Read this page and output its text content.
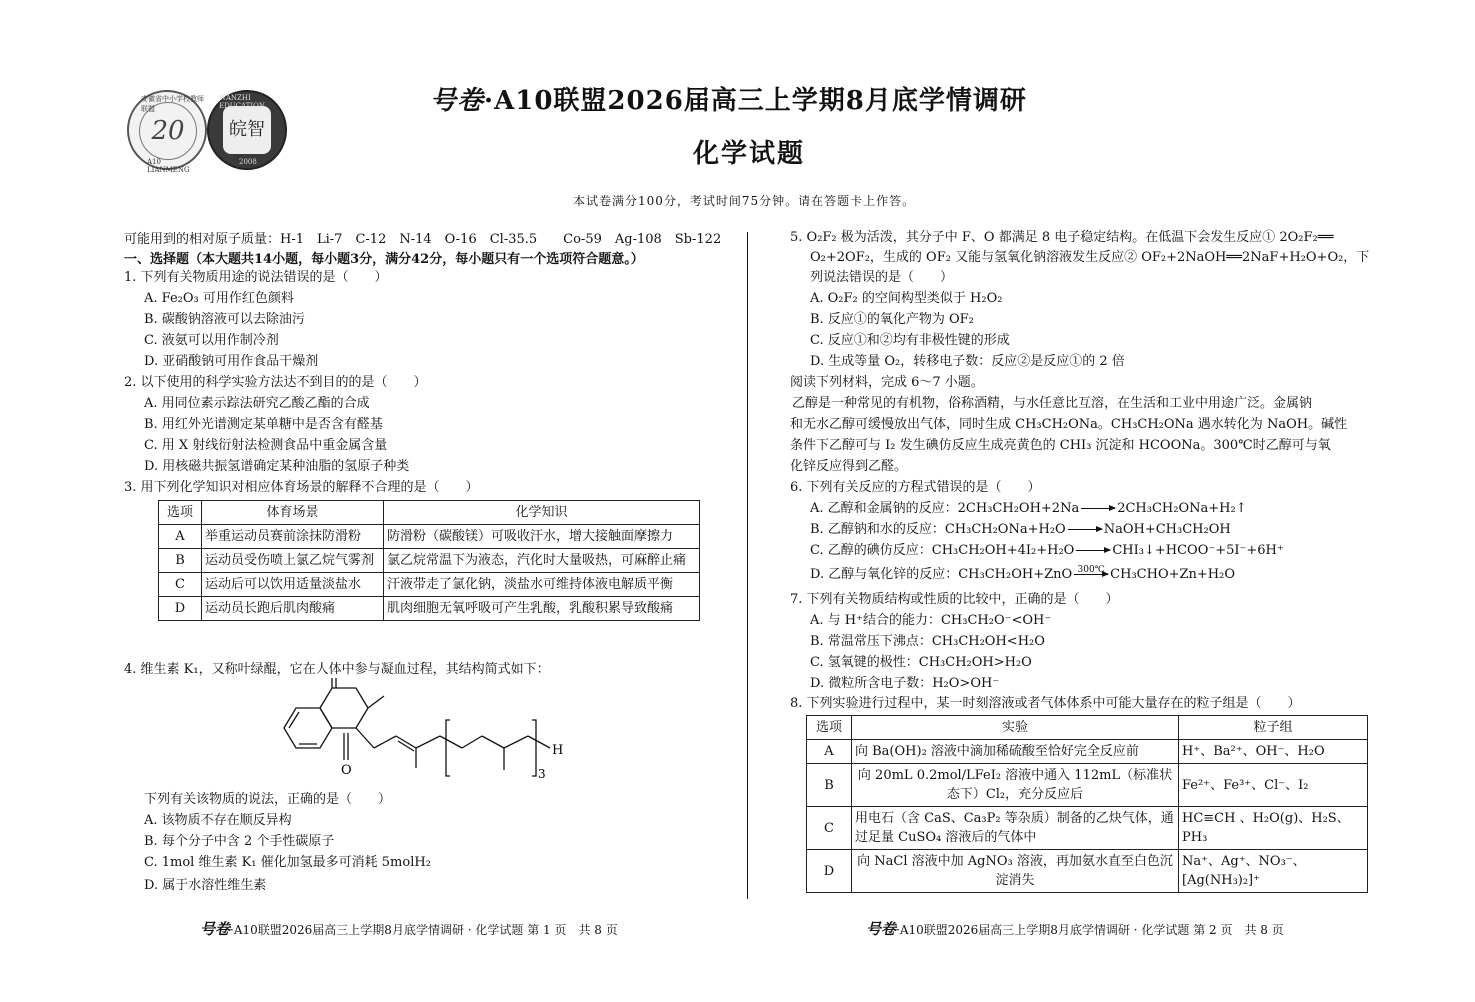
20
安徽省中小学校教师联盟
A10 LIANMENG
皖智
WANZHI EDUCATION
2008
号卷·A10联盟2026届高三上学期8月底学情调研
化学试题
本试卷满分100分，考试时间75分钟。请在答题卡上作答。
可能用到的相对原子质量：H-1　Li-7　C-12　N-14　O-16　Cl-35.5　　Co-59　Ag-108　Sb-122
一、选择题（本大题共14小题，每小题3分，满分42分，每小题只有一个选项符合题意。）
1. 下列有关物质用途的说法错误的是（　　）
A. Fe₂O₃ 可用作红色颜料
B. 碳酸钠溶液可以去除油污
C. 液氨可以用作制冷剂
D. 亚硝酸钠可用作食品干燥剂
2. 以下使用的科学实验方法达不到目的的是（　　）
A. 用同位素示踪法研究乙酸乙酯的合成
B. 用红外光谱测定某单糖中是否含有醛基
C. 用 X 射线衍射法检测食品中重金属含量
D. 用核磁共振氢谱确定某种油脂的氢原子种类
3. 用下列化学知识对相应体育场景的解释不合理的是（　　）
选项	体育场景	化学知识
A	举重运动员赛前涂抹防滑粉	防滑粉（碳酸镁）可吸收汗水，增大接触面摩擦力
B	运动员受伤喷上氯乙烷气雾剂	氯乙烷常温下为液态，汽化时大量吸热，可麻醉止痛
C	运动后可以饮用适量淡盐水	汗液带走了氯化钠，淡盐水可维持体液电解质平衡
D	运动员长跑后肌肉酸痛	肌肉细胞无氧呼吸可产生乳酸，乳酸积累导致酸痛
4. 维生素 K₁，又称叶绿醌，它在人体中参与凝血过程，其结构简式如下：
O	3
H
下列有关该物质的说法，正确的是（　　）
A. 该物质不存在顺反异构
B. 每个分子中含 2 个手性碳原子
C. 1mol 维生素 K₁ 催化加氢最多可消耗 5molH₂
D. 属于水溶性维生素
5. O₂F₂ 极为活泼，其分子中 F、O 都满足 8 电子稳定结构。在低温下会发生反应① 2O₂F₂══
O₂+2OF₂，生成的 OF₂ 又能与氢氧化钠溶液发生反应② OF₂+2NaOH══2NaF+H₂O+O₂，下
列说法错误的是（　　）
A. O₂F₂ 的空间构型类似于 H₂O₂
B. 反应①的氧化产物为 OF₂
C. 反应①和②均有非极性键的形成
D. 生成等量 O₂，转移电子数：反应②是反应①的 2 倍
阅读下列材料，完成 6～7 小题。
乙醇是一种常见的有机物，俗称酒精，与水任意比互溶，在生活和工业中用途广泛。金属钠
和无水乙醇可缓慢放出气体，同时生成 CH₃CH₂ONa。CH₃CH₂ONa 遇水转化为 NaOH。碱性
条件下乙醇可与 I₂ 发生碘仿反应生成亮黄色的 CHI₃ 沉淀和 HCOONa。300℃时乙醇可与氧
化锌反应得到乙醛。
6. 下列有关反应的方程式错误的是（　　）
A. 乙醇和金属钠的反应：2CH₃CH₂OH+2Na → 2CH₃CH₂ONa+H₂↑
B. 乙醇钠和水的反应：CH₃CH₂ONa+H₂O → NaOH+CH₃CH₂OH
C. 乙醇的碘仿反应：CH₃CH₂OH+4I₂+H₂O → CHI₃↓+HCOO⁻+5I⁻+6H⁺
D. 乙醇与氧化锌的反应：CH₃CH₂OH+ZnO 300℃ CH₃CHO+Zn+H₂O
7. 下列有关物质结构或性质的比较中，正确的是（　　）
A. 与 H⁺结合的能力：CH₃CH₂O⁻<OH⁻
B. 常温常压下沸点：CH₃CH₂OH<H₂O
C. 氢氧键的极性：CH₃CH₂OH>H₂O
D. 微粒所含电子数：H₂O>OH⁻
8. 下列实验进行过程中，某一时刻溶液或者气体体系中可能大量存在的粒子组是（　　）
选项	实验	粒子组
A	向 Ba(OH)₂ 溶液中滴加稀硫酸至恰好完全反应前	H⁺、Ba²⁺、OH⁻、H₂O
B	向 20mL 0.2mol/LFeI₂ 溶液中通入 112mL（标准状态下）Cl₂，充分反应后	Fe²⁺、Fe³⁺、Cl⁻、I₂
C	用电石（含 CaS、Ca₃P₂ 等杂质）制备的乙炔气体，通过足量 CuSO₄ 溶液后的气体中	HC≡CH 、H₂O(g)、H₂S、PH₃
D	向 NaCl 溶液中加 AgNO₃ 溶液，再加氨水直至白色沉淀消失	Na⁺、Ag⁺、NO₃⁻、[Ag(NH₃)₂]⁺
号卷·A10联盟2026届高三上学期8月底学情调研 · 化学试题 第 1 页　共 8 页	号卷·A10联盟2026届高三上学期8月底学情调研 · 化学试题 第 2 页　共 8 页
